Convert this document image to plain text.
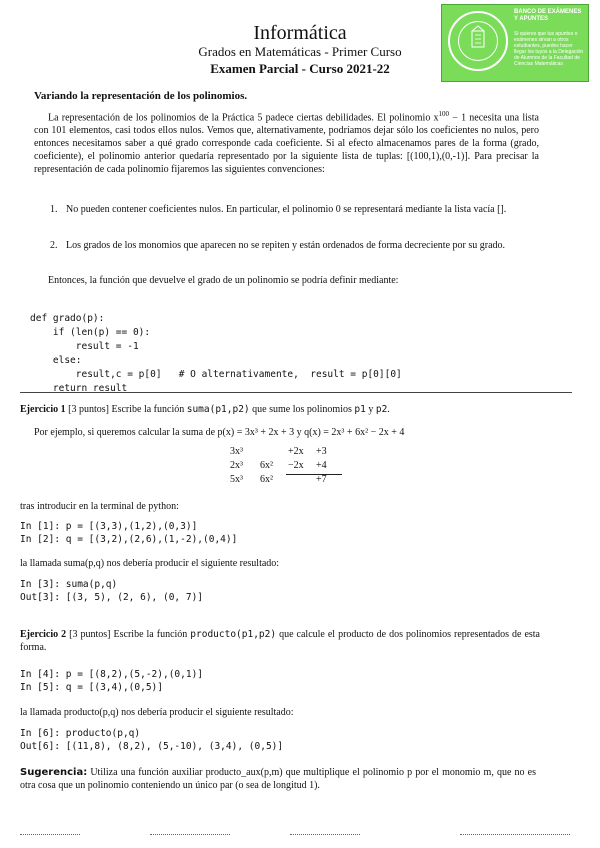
Informática
Grados en Matemáticas - Primer Curso
Examen Parcial - Curso 2021-22
BANCO DE EXÁMENES Y APUNTES
Si quieres que tus apuntes o exámenes sirvan a otros estudiantes, puedes hacer llegar los tuyos a la Delegación de Alumnos de la Facultad de Ciencias Matemáticas
Variando la representación de los polinomios.
La representación de los polinomios de la Práctica 5 padece ciertas debilidades. El polinomio $x^{100} - 1$ necesita una lista con 101 elementos, casi todos ellos nulos. Vemos que, alternativamente, podríamos dejar sólo los coeficientes no nulos, pero entonces necesitamos saber a qué grado corresponde cada coeficiente. Si al efecto almacenamos pares de la forma (grado, coeficiente), el polinomio anterior quedaría representado por la siguiente lista de tuplas: [(100,1),(0,-1)]. Para precisar la representación de cada polinomio fijaremos las siguientes convenciones:
1. No pueden contener coeficientes nulos. En particular, el polinomio 0 se representará mediante la lista vacía [].
2. Los grados de los monomios que aparecen no se repiten y están ordenados de forma decreciente por su grado.
Entonces, la función que devuelve el grado de un polinomio se podría definir mediante:

def grado(p):
if (len(p) == 0):
result = -1
else:
result,c = p[0]   # O alternativamente,  result = p[0][0]
return result

Ejercicio 1 [3 puntos] Escribe la función suma(p1,p2) que sume los polinomios p1 y p2.
Por ejemplo, si queremos calcular la suma de p(x) = 3x³ + 2x + 3 y q(x) = 2x³ + 6x² − 2x + 4
3x³	+2x +3
2x³ 6x² −2x +4
5x³ 6x²	+7
tras introducir en la terminal de python:
In [1]: p = [(3,3),(1,2),(0,3)]
In [2]: q = [(3,2),(2,6),(1,-2),(0,4)]
la llamada suma(p,q) nos debería producir el siguiente resultado:
In [3]: suma(p,q)
Out[3]: [(3, 5), (2, 6), (0, 7)]
Ejercicio 2 [3 puntos] Escribe la función producto(p1,p2) que calcule el producto de dos polinomios representados de esta forma.
In [4]: p = [(8,2),(5,-2),(0,1)]
In [5]: q = [(3,4),(0,5)]
la llamada producto(p,q) nos debería producir el siguiente resultado:
In [6]: producto(p,q)
Out[6]: [(11,8), (8,2), (5,-10), (3,4), (0,5)]
Sugerencia: Utiliza una función auxiliar producto_aux(p,m) que multiplique el polinomio p por el monomio m, que no es otra cosa que un polinomio conteniendo un único par (o sea de longitud 1).
